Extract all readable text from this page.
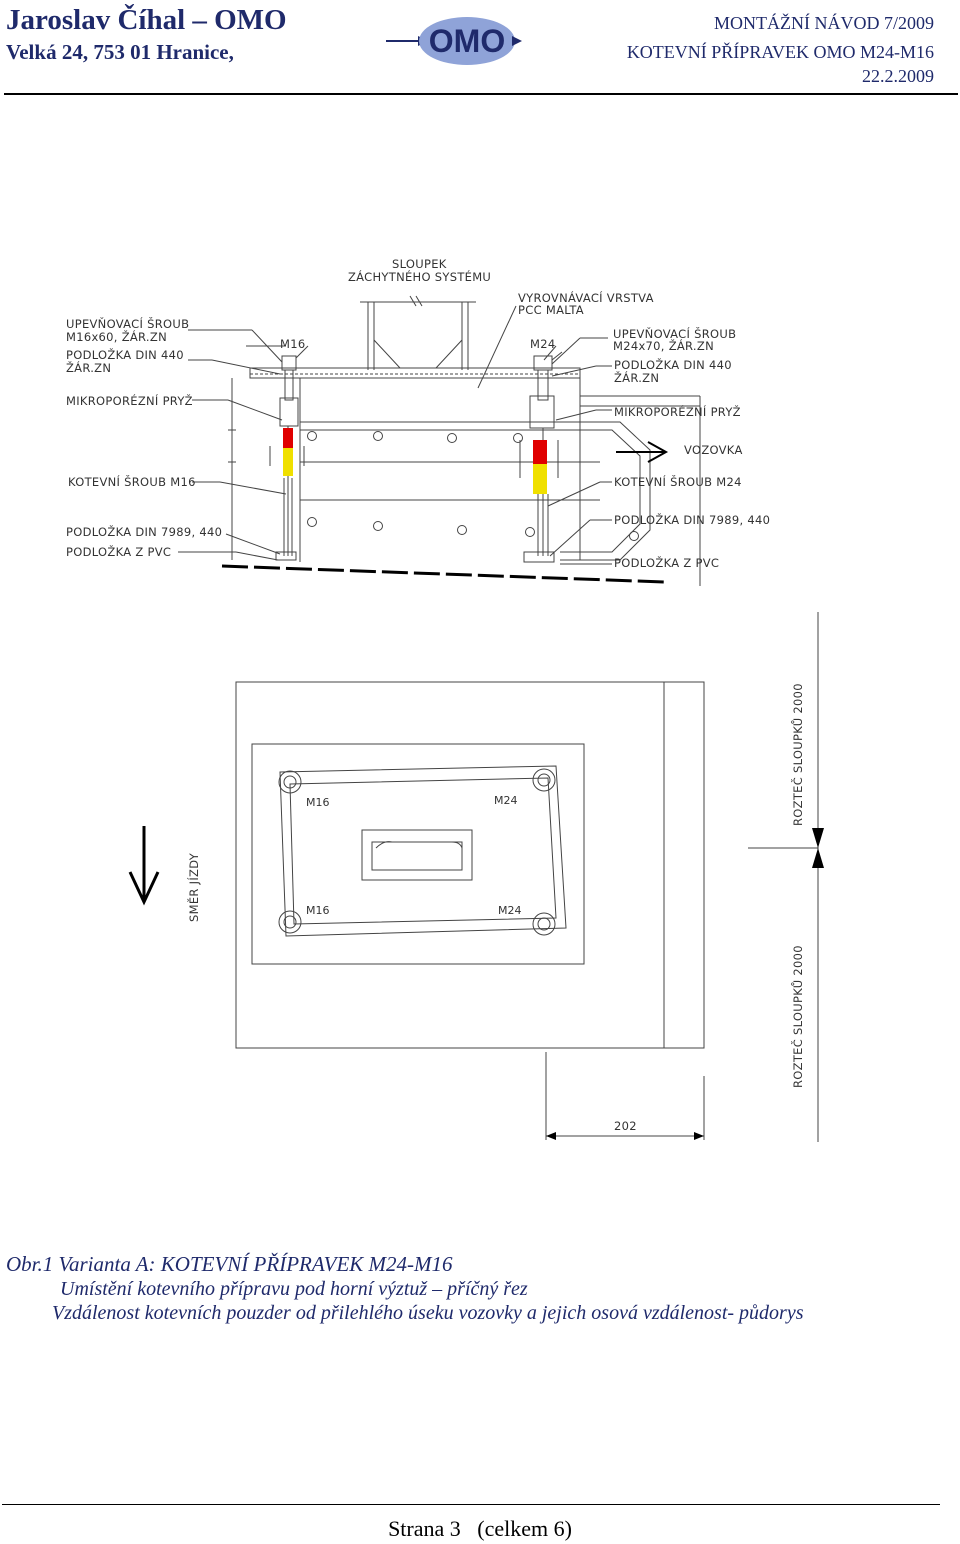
Jaroslav Číhal – OMO
Velká 24, 753 01 Hranice,	OMO	MONTÁŽNÍ NÁVOD 7/2009
KOTEVNÍ PŘÍPRAVEK OMO M24-M16
22.2.2009
SLOUPEK
ZÁCHYTNÉHO SYSTÉMU
VYROVNÁVACÍ VRSTVA
PCC MALTA
M16	M24
UPEVŇOVACÍ ŠROUB
M16x60, ŽÁR.ZN
PODLOŽKA DIN 440
ŽÁR.ZN
MIKROPORÉZNÍ PRYŽ
KOTEVNÍ ŠROUB M16
PODLOŽKA DIN 7989, 440
PODLOŽKA Z PVC
UPEVŇOVACÍ ŠROUB
M24x70, ŽÁR.ZN
PODLOŽKA DIN 440
ŽÁR.ZN
MIKROPORÉZNÍ PRYŽ
VOZOVKA
KOTEVNÍ ŠROUB M24
PODLOŽKA DIN 7989, 440
PODLOŽKA Z PVC
M16	M24
M16	M24
SMĚR JÍZDY
ROZTEČ SLOUPKŮ 2000
ROZTEČ SLOUPKŮ 2000
202
Obr.1 Varianta A: KOTEVNÍ PŘÍPRAVEK M24-M16
Umístění kotevního přípravu pod horní výztuž – příčný řez
Vzdálenost kotevních pouzder od přilehlého úseku vozovky a jejich osová vzdálenost- půdorys
Strana 3   (celkem 6)
